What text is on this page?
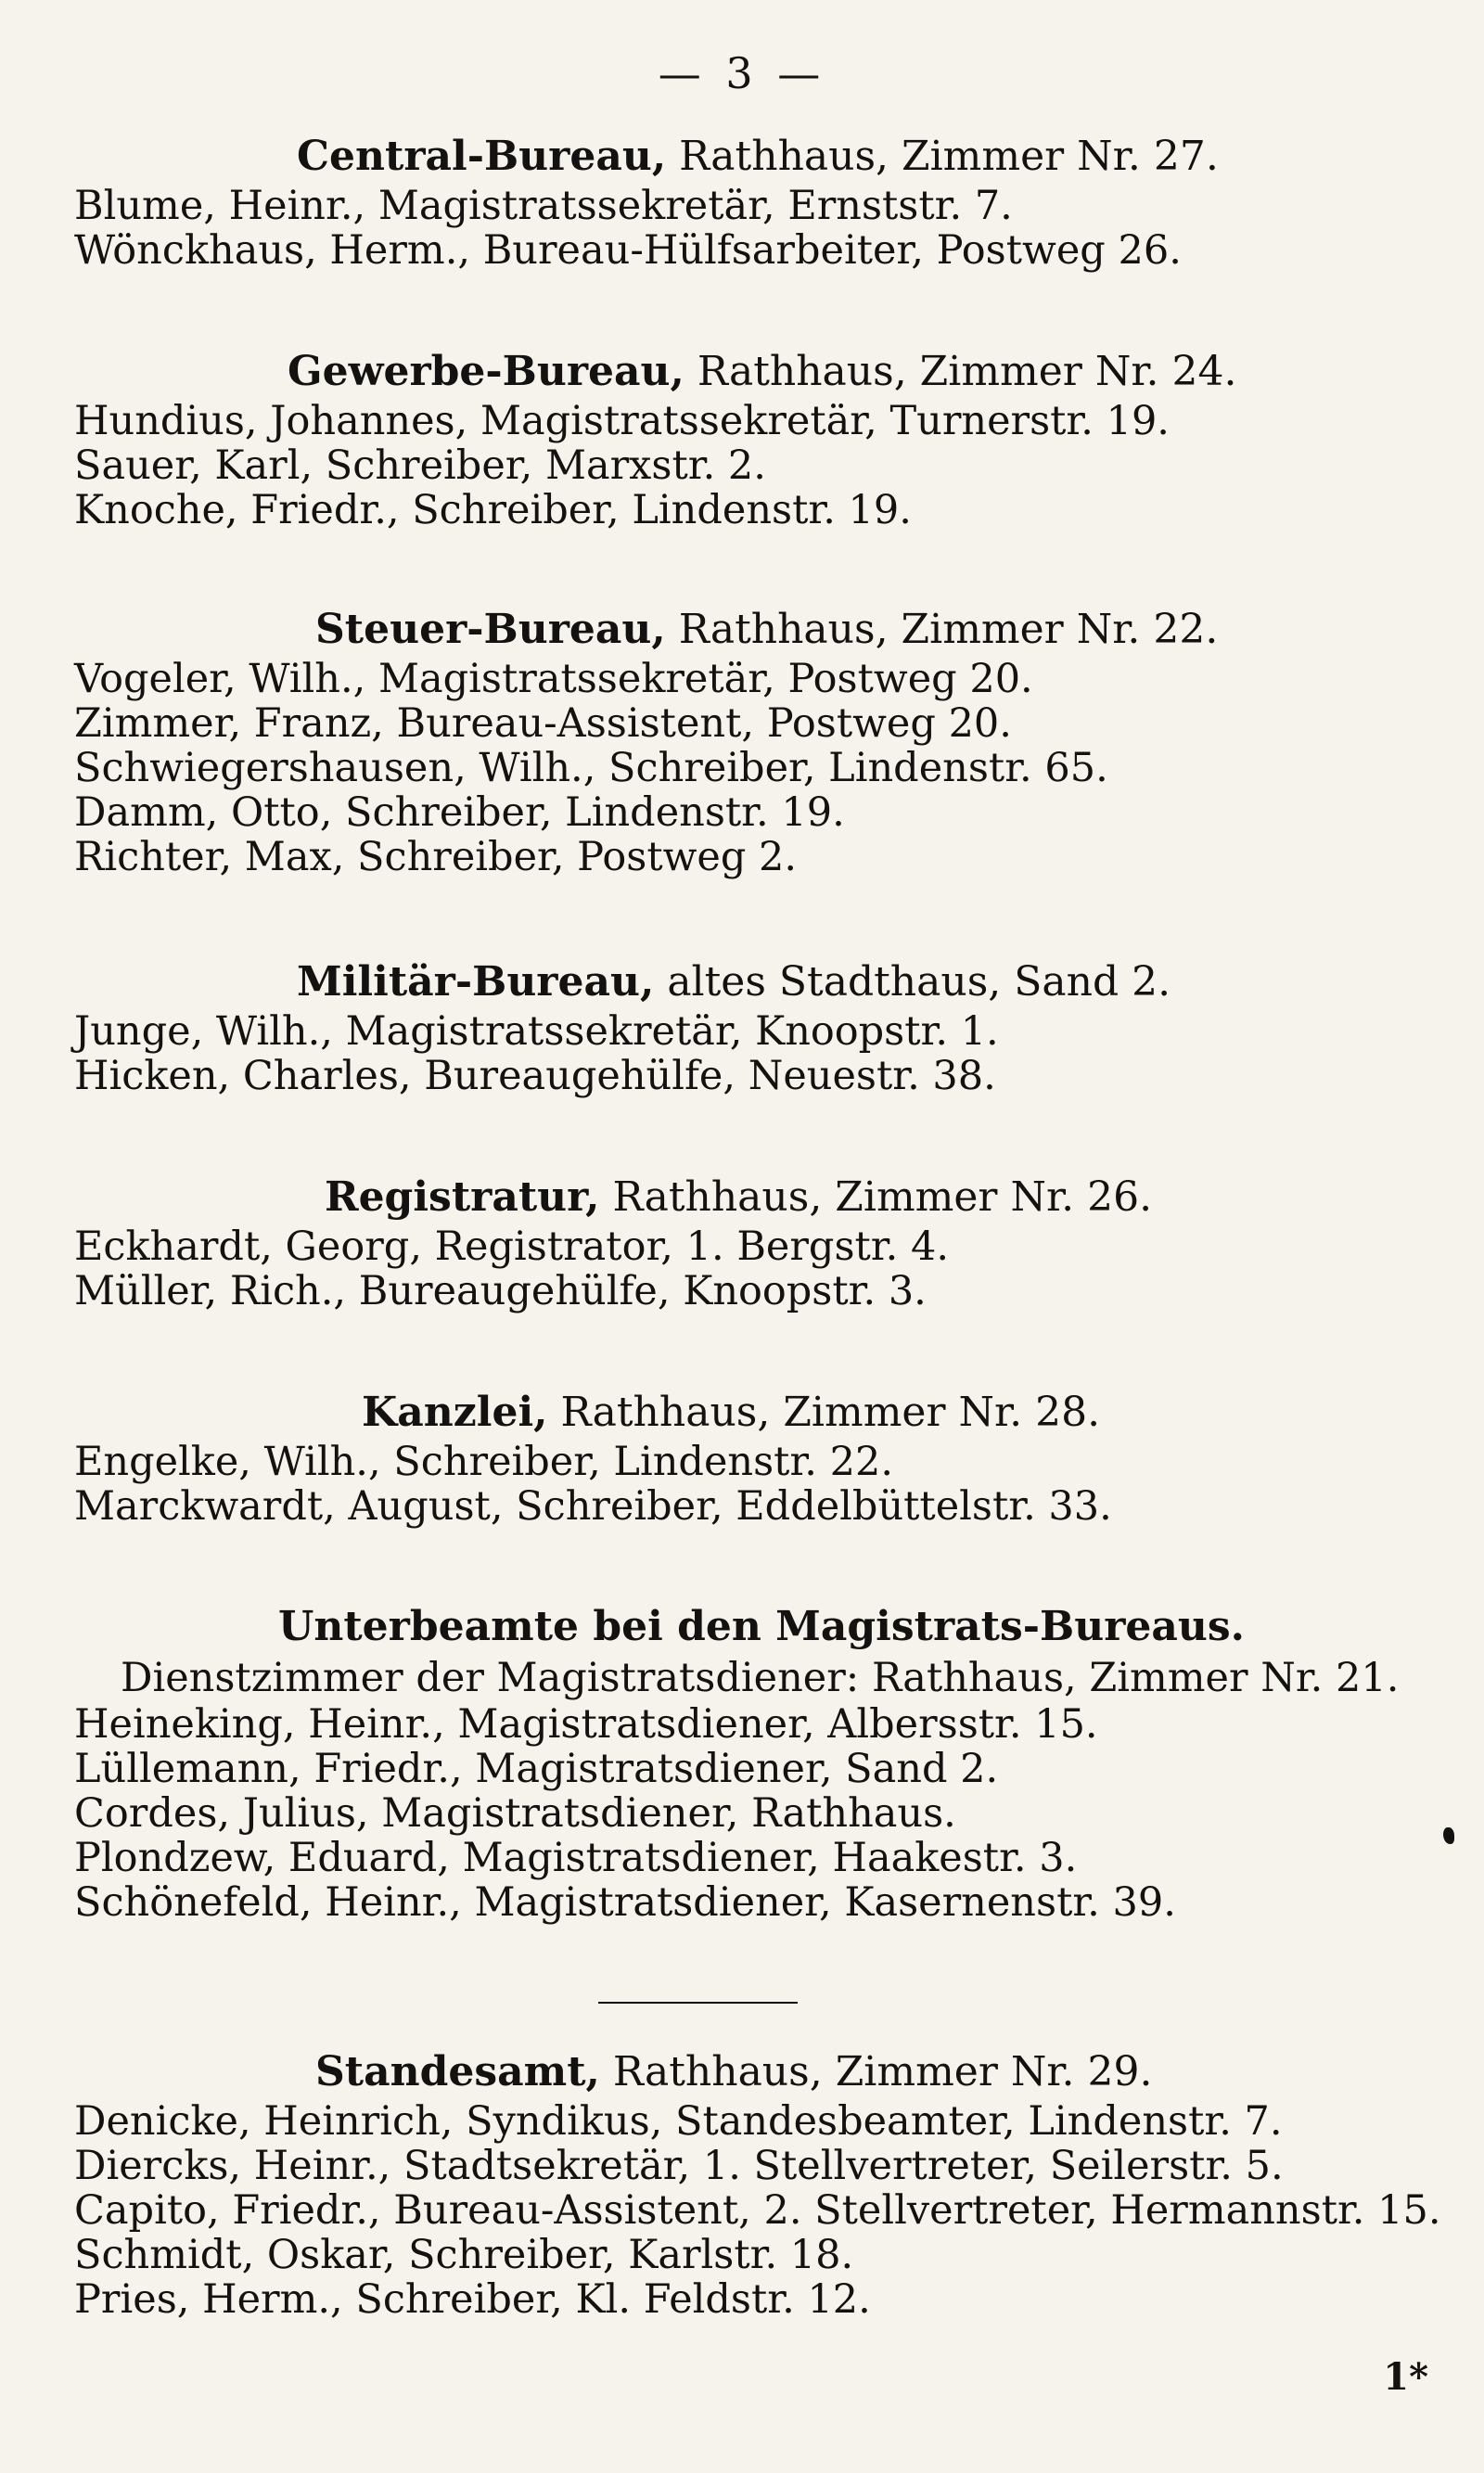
— 3 —
Central-Bureau, Rathhaus, Zimmer Nr. 27.
Blume, Heinr., Magistratssekretär, Ernststr. 7.
Wönckhaus, Herm., Bureau-Hülfsarbeiter, Postweg 26.
Gewerbe-Bureau, Rathhaus, Zimmer Nr. 24.
Hundius, Johannes, Magistratssekretär, Turnerstr. 19.
Sauer, Karl, Schreiber, Marxstr. 2.
Knoche, Friedr., Schreiber, Lindenstr. 19.
Steuer-Bureau, Rathhaus, Zimmer Nr. 22.
Vogeler, Wilh., Magistratssekretär, Postweg 20.
Zimmer, Franz, Bureau-Assistent, Postweg 20.
Schwiegershausen, Wilh., Schreiber, Lindenstr. 65.
Damm, Otto, Schreiber, Lindenstr. 19.
Richter, Max, Schreiber, Postweg 2.
Militär-Bureau, altes Stadthaus, Sand 2.
Junge, Wilh., Magistratssekretär, Knoopstr. 1.
Hicken, Charles, Bureaugehülfe, Neuestr. 38.
Registratur, Rathhaus, Zimmer Nr. 26.
Eckhardt, Georg, Registrator, 1. Bergstr. 4.
Müller, Rich., Bureaugehülfe, Knoopstr. 3.
Kanzlei, Rathhaus, Zimmer Nr. 28.
Engelke, Wilh., Schreiber, Lindenstr. 22.
Marckwardt, August, Schreiber, Eddelbüttelstr. 33.
Unterbeamte bei den Magistrats-Bureaus.
Dienstzimmer der Magistratsdiener: Rathhaus, Zimmer Nr. 21.
Heineking, Heinr., Magistratsdiener, Albersstr. 15.
Lüllemann, Friedr., Magistratsdiener, Sand 2.
Cordes, Julius, Magistratsdiener, Rathhaus.
Plondzew, Eduard, Magistratsdiener, Haakestr. 3.
Schönefeld, Heinr., Magistratsdiener, Kasernenstr. 39.
Standesamt, Rathhaus, Zimmer Nr. 29.
Denicke, Heinrich, Syndikus, Standesbeamter, Lindenstr. 7.
Diercks, Heinr., Stadtsekretär, 1. Stellvertreter, Seilerstr. 5.
Capito, Friedr., Bureau-Assistent, 2. Stellvertreter, Hermannstr. 15.
Schmidt, Oskar, Schreiber, Karlstr. 18.
Pries, Herm., Schreiber, Kl. Feldstr. 12.
1*
